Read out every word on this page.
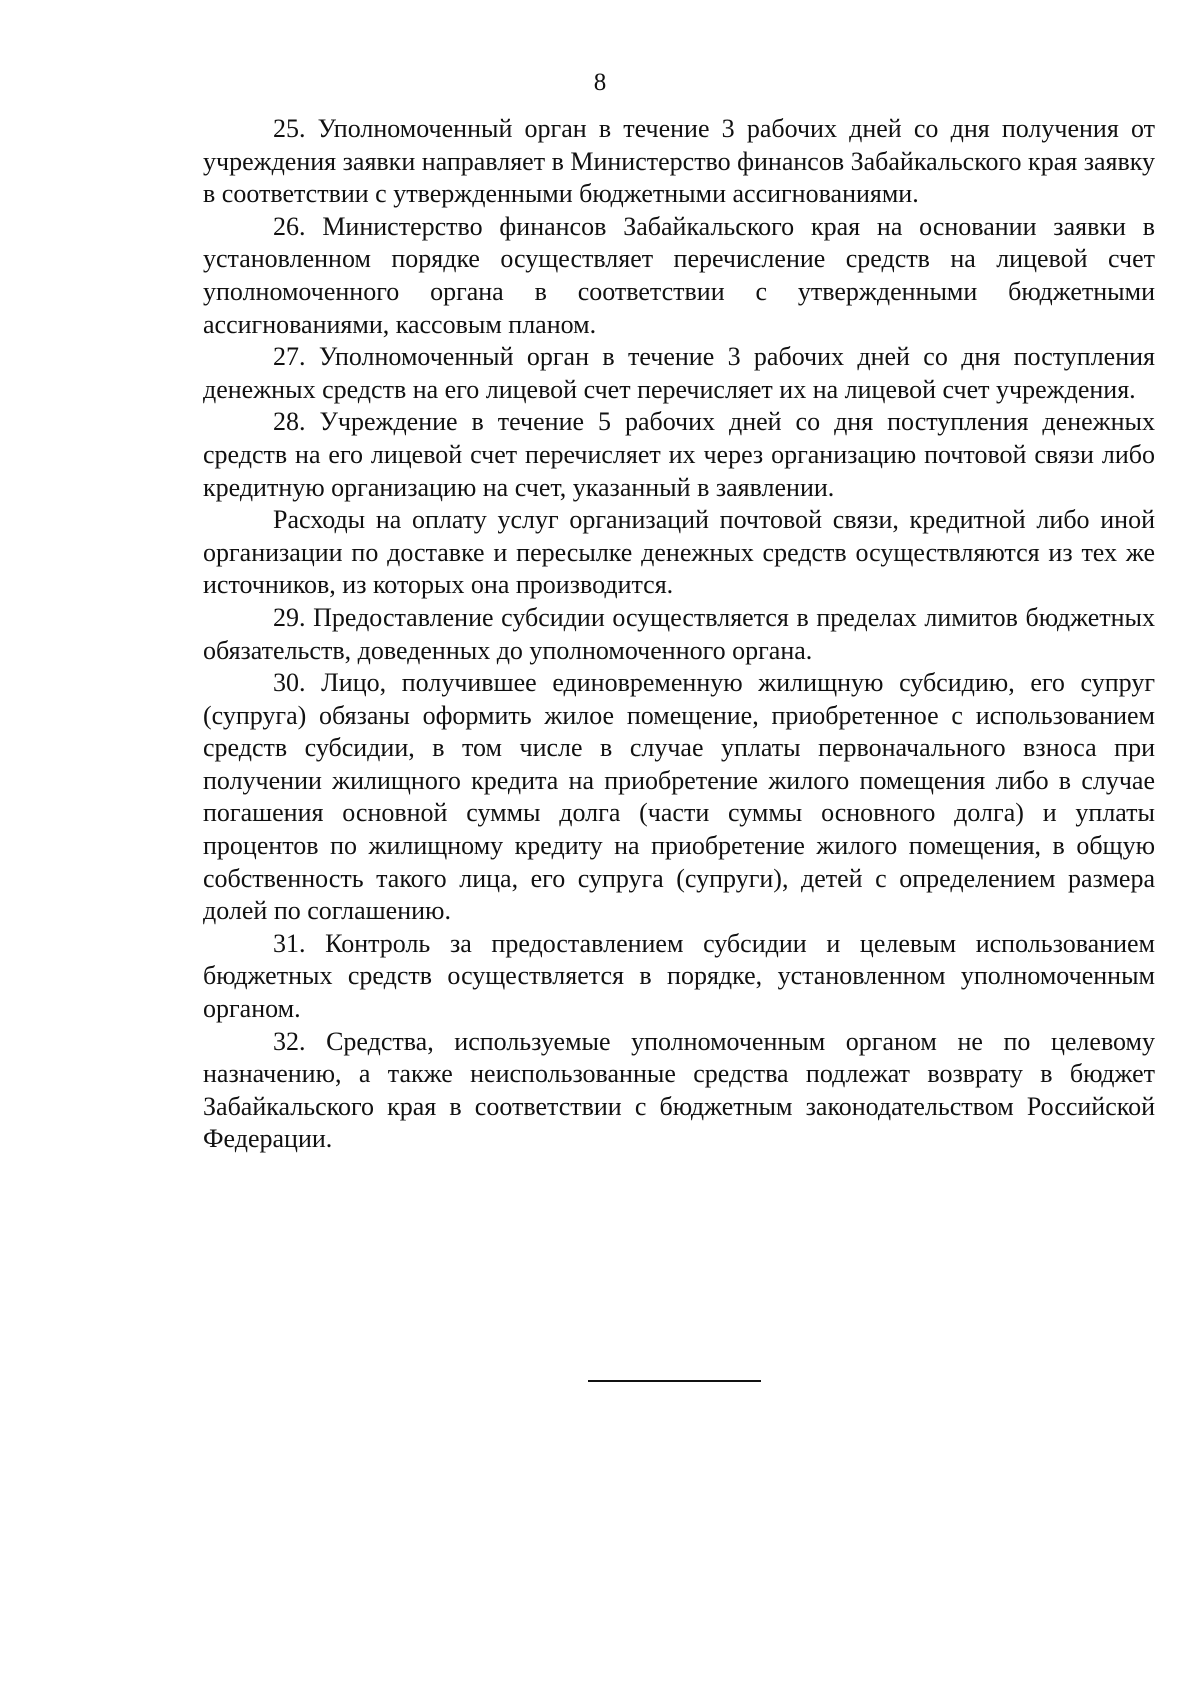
8

25. Уполномоченный орган в течение 3 рабочих дней со дня получения от учреждения заявки направляет в Министерство финансов Забайкальского края заявку в соответствии с утвержденными бюджетными ассигнованиями.

26. Министерство финансов Забайкальского края на основании заявки в установленном порядке осуществляет перечисление средств на лицевой счет уполномоченного органа в соответствии с утвержденными бюджетными ассигнованиями, кассовым планом.

27. Уполномоченный орган в течение 3 рабочих дней со дня поступления денежных средств на его лицевой счет перечисляет их на лицевой счет учреждения.

28. Учреждение в течение 5 рабочих дней со дня поступления денежных средств на его лицевой счет перечисляет их через организацию почтовой связи либо кредитную организацию на счет, указанный в заявлении.

Расходы на оплату услуг организаций почтовой связи, кредитной либо иной организации по доставке и пересылке денежных средств осуществляются из тех же источников, из которых она производится.

29. Предоставление субсидии осуществляется в пределах лимитов бюджетных обязательств, доведенных до уполномоченного органа.

30. Лицо, получившее единовременную жилищную субсидию, его супруг (супруга) обязаны оформить жилое помещение, приобретенное с использованием средств субсидии, в том числе в случае уплаты первоначального взноса при получении жилищного кредита на приобретение жилого помещения либо в случае погашения основной суммы долга (части суммы основного долга) и уплаты процентов по жилищному кредиту на приобретение жилого помещения, в общую собственность такого лица, его супруга (супруги), детей с определением размера долей по соглашению.

31. Контроль за предоставлением субсидии и целевым использованием бюджетных средств осуществляется в порядке, установленном уполномоченным органом.

32. Средства, используемые уполномоченным органом не по целевому назначению, а также неиспользованные средства подлежат возврату в бюджет Забайкальского края в соответствии с бюджетным законодательством Российской Федерации.
